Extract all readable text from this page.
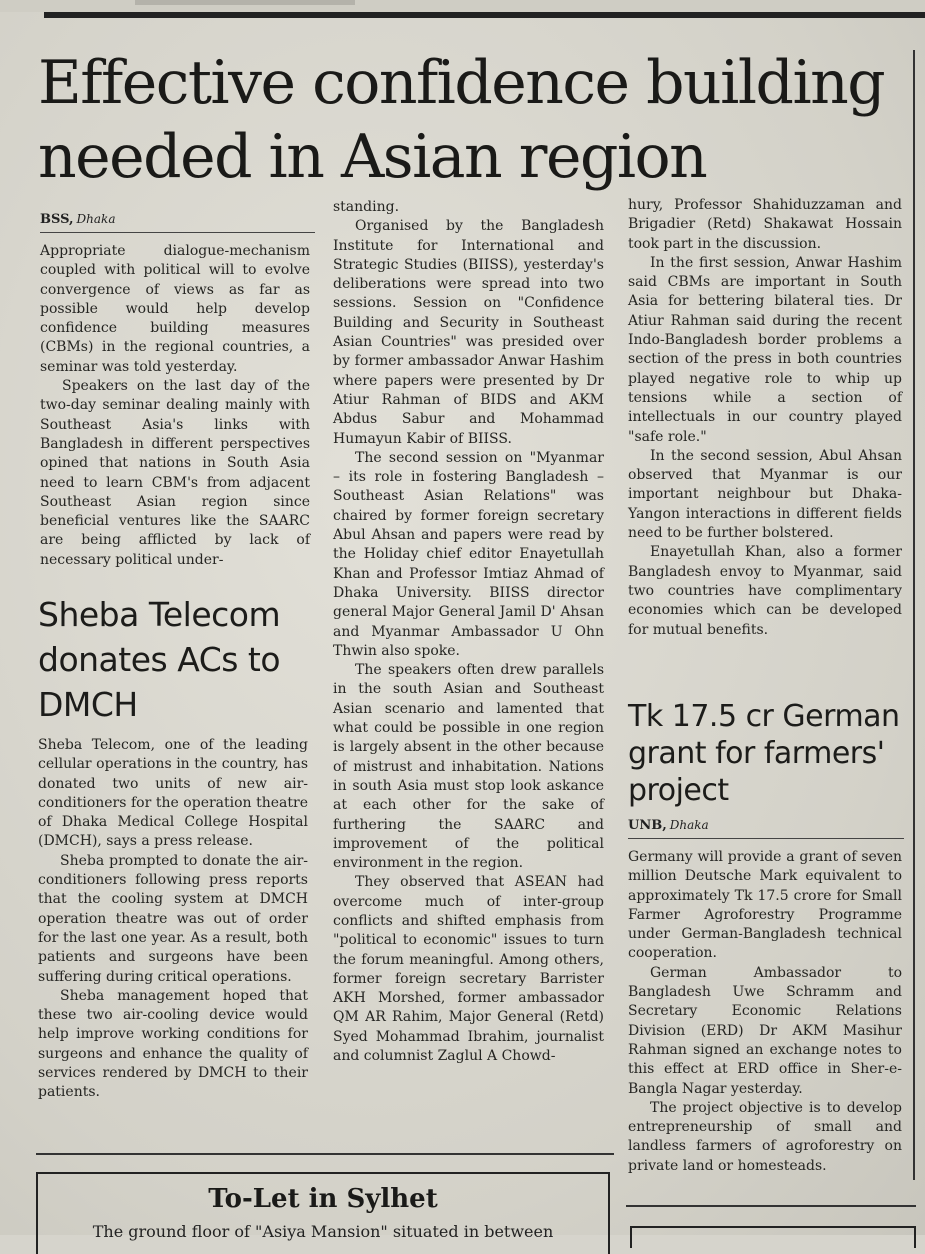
Effective confidence building needed in Asian region
BSS, Dhaka

Appropriate dialogue-mechanism coupled with political will to evolve convergence of views as far as possible would help develop confidence building measures (CBMs) in the regional countries, a seminar was told yesterday.

Speakers on the last day of the two-day seminar dealing mainly with Southeast Asia's links with Bangladesh in different perspectives opined that nations in South Asia need to learn CBM's from adjacent Southeast Asian region since beneficial ventures like the SAARC are being afflicted by lack of necessary political under-

standing.

Organised by the Bangladesh Institute for International and Strategic Studies (BIISS), yesterday's deliberations were spread into two sessions. Session on "Confidence Building and Security in Southeast Asian Countries" was presided over by former ambassador Anwar Hashim where papers were presented by Dr Atiur Rahman of BIDS and AKM Abdus Sabur and Mohammad Humayun Kabir of BIISS.

The second session on "Myanmar – its role in fostering Bangladesh – Southeast Asian Relations" was chaired by former foreign secretary Abul Ahsan and papers were read by the Holiday chief editor Enayetullah Khan and Professor Imtiaz Ahmad of Dhaka University. BIISS director general Major General Jamil D' Ahsan and Myanmar Ambassador U Ohn Thwin also spoke.

The speakers often drew parallels in the south Asian and Southeast Asian scenario and lamented that what could be possible in one region is largely absent in the other because of mistrust and inhabitation. Nations in south Asia must stop look askance at each other for the sake of furthering the SAARC and improvement of the political environment in the region.

They observed that ASEAN had overcome much of inter-group conflicts and shifted emphasis from "political to economic" issues to turn the forum meaningful. Among others, former foreign secretary Barrister AKH Morshed, former ambassador QM AR Rahim, Major General (Retd) Syed Mohammad Ibrahim, journalist and columnist Zaglul A Chowd-

hury, Professor Shahiduzzaman and Brigadier (Retd) Shakawat Hossain took part in the discussion.

In the first session, Anwar Hashim said CBMs are important in South Asia for bettering bilateral ties. Dr Atiur Rahman said during the recent Indo-Bangladesh border problems a section of the press in both countries played negative role to whip up tensions while a section of intellectuals in our country played "safe role."

In the second session, Abul Ahsan observed that Myanmar is our important neighbour but Dhaka-Yangon interactions in different fields need to be further bolstered.

Enayetullah Khan, also a former Bangladesh envoy to Myanmar, said two countries have complimentary economies which can be developed for mutual benefits.

Sheba Telecom donates ACs to DMCH

Sheba Telecom, one of the leading cellular operations in the country, has donated two units of new air-conditioners for the operation theatre of Dhaka Medical College Hospital (DMCH), says a press release.

Sheba prompted to donate the air-conditioners following press reports that the cooling system at DMCH operation theatre was out of order for the last one year. As a result, both patients and surgeons have been suffering during critical operations.

Sheba management hoped that these two air-cooling device would help improve working conditions for surgeons and enhance the quality of services rendered by DMCH to their patients.

Tk 17.5 cr German grant for farmers' project
UNB, Dhaka

Germany will provide a grant of seven million Deutsche Mark equivalent to approximately Tk 17.5 crore for Small Farmer Agroforestry Programme under German-Bangladesh technical cooperation.

German Ambassador to Bangladesh Uwe Schramm and Secretary Economic Relations Division (ERD) Dr AKM Masihur Rahman signed an exchange notes to this effect at ERD office in Sher-e-Bangla Nagar yesterday.

The project objective is to develop entrepreneurship of small and landless farmers of agroforestry on private land or homesteads.

To-Let in Sylhet
The ground floor of "Asiya Mansion" situated in between
